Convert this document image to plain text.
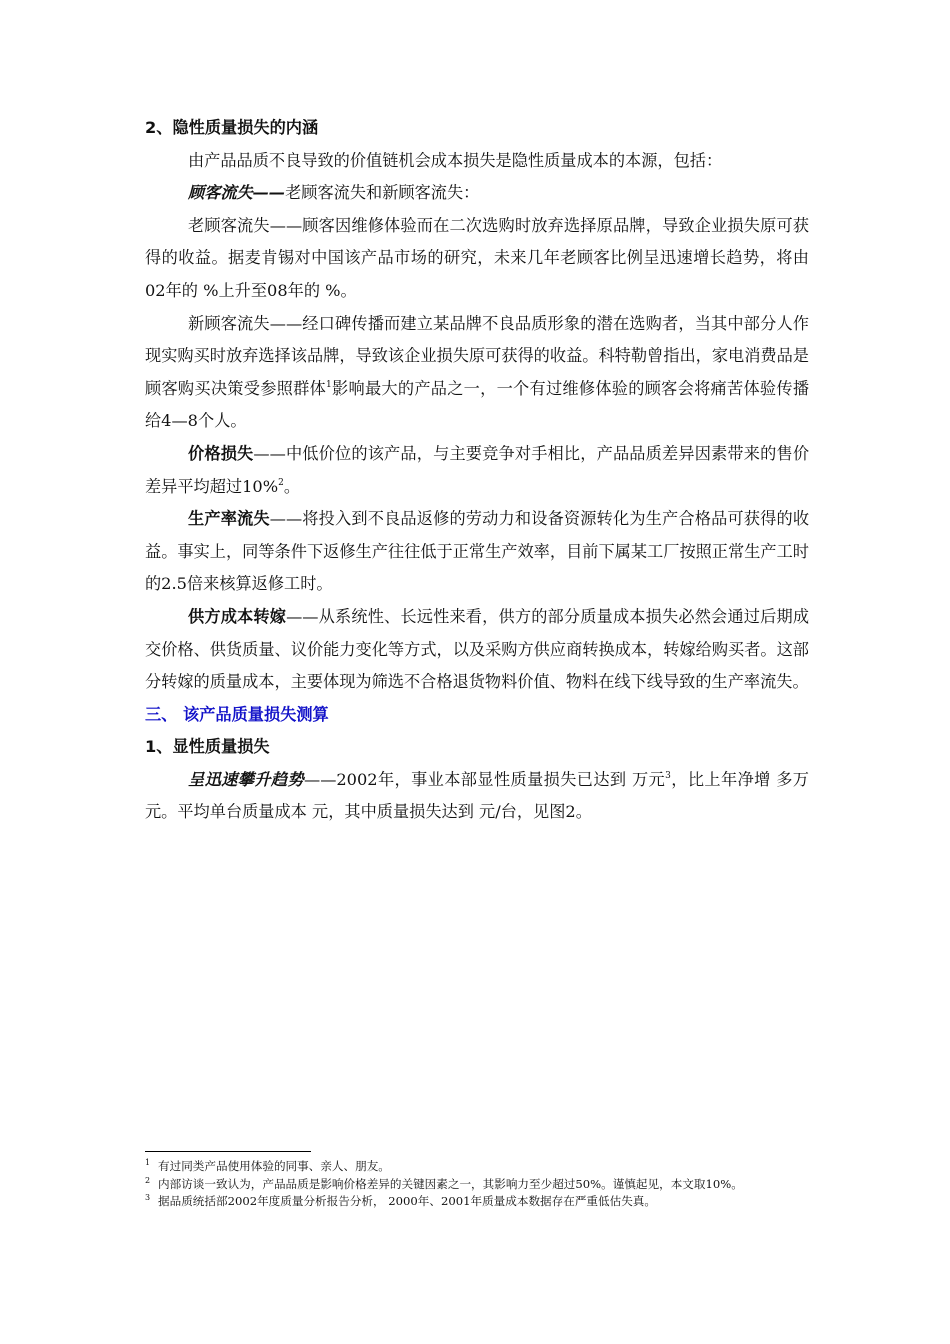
2、隐性质量损失的内涵

由产品品质不良导致的价值链机会成本损失是隐性质量成本的本源，包括：

顾客流失——老顾客流失和新顾客流失：

老顾客流失——顾客因维修体验而在二次选购时放弃选择原品牌，导致企业损失原可获得的收益。据麦肯锡对中国该产品市场的研究，未来几年老顾客比例呈迅速增长趋势，将由02年的 %上升至08年的 %。

新顾客流失——经口碑传播而建立某品牌不良品质形象的潜在选购者，当其中部分人作现实购买时放弃选择该品牌，导致该企业损失原可获得的收益。科特勒曾指出，家电消费品是顾客购买决策受参照群体$^1$影响最大的产品之一，一个有过维修体验的顾客会将痛苦体验传播给4—8个人。

价格损失——中低价位的该产品，与主要竞争对手相比，产品品质差异因素带来的售价差异平均超过10%$^2$。

生产率流失——将投入到不良品返修的劳动力和设备资源转化为生产合格品可获得的收益。事实上，同等条件下返修生产往往低于正常生产效率，目前下属某工厂按照正常生产工时的2.5倍来核算返修工时。

供方成本转嫁——从系统性、长远性来看，供方的部分质量成本损失必然会通过后期成交价格、供货质量、议价能力变化等方式，以及采购方供应商转换成本，转嫁给购买者。这部分转嫁的质量成本，主要体现为筛选不合格退货物料价值、物料在线下线导致的生产率流失。

三、 该产品质量损失测算

1、显性质量损失

呈迅速攀升趋势——2002年，事业本部显性质量损失已达到 万元$^3$，比上年净增 多万元。平均单台质量成本 元，其中质量损失达到 元/台，见图2。

1 有过同类产品使用体验的同事、亲人、朋友。
2 内部访谈一致认为，产品品质是影响价格差异的关键因素之一，其影响力至少超过50%。谨慎起见，本文取10%。
3 据品质统括部2002年度质量分析报告分析， 2000年、2001年质量成本数据存在严重低估失真。
